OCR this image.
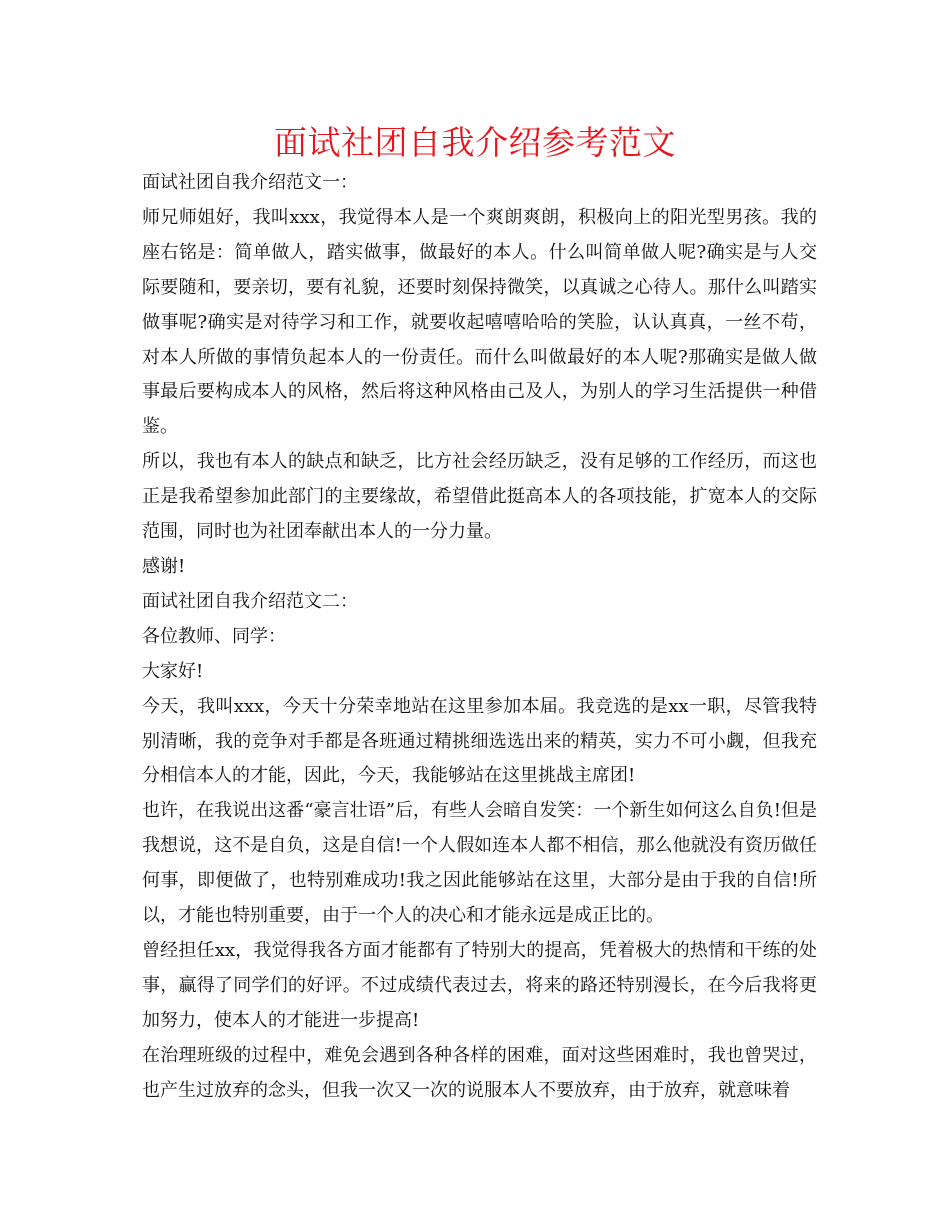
面试社团自我介绍参考范文

面试社团自我介绍范文一：

师兄师姐好，我叫xxx，我觉得本人是一个爽朗爽朗，积极向上的阳光型男孩。我的座右铭是：简单做人，踏实做事，做最好的本人。什么叫简单做人呢?确实是与人交际要随和，要亲切，要有礼貌，还要时刻保持微笑，以真诚之心待人。那什么叫踏实做事呢?确实是对待学习和工作，就要收起嘻嘻哈哈的笑脸，认认真真，一丝不苟，对本人所做的事情负起本人的一份责任。而什么叫做最好的本人呢?那确实是做人做事最后要构成本人的风格，然后将这种风格由己及人，为别人的学习生活提供一种借鉴。

所以，我也有本人的缺点和缺乏，比方社会经历缺乏，没有足够的工作经历，而这也正是我希望参加此部门的主要缘故，希望借此挺高本人的各项技能，扩宽本人的交际范围，同时也为社团奉献出本人的一分力量。

感谢!

面试社团自我介绍范文二：

各位教师、同学：

大家好!

今天，我叫xxx，今天十分荣幸地站在这里参加本届。我竞选的是xx一职，尽管我特别清晰，我的竞争对手都是各班通过精挑细选选出来的精英，实力不可小觑，但我充分相信本人的才能，因此，今天，我能够站在这里挑战主席团!

也许，在我说出这番“豪言壮语”后，有些人会暗自发笑：一个新生如何这么自负!但是我想说，这不是自负，这是自信!一个人假如连本人都不相信，那么他就没有资历做任何事，即便做了，也特别难成功!我之因此能够站在这里，大部分是由于我的自信!所以，才能也特别重要，由于一个人的决心和才能永远是成正比的。

曾经担任xx，我觉得我各方面才能都有了特别大的提高，凭着极大的热情和干练的处事，赢得了同学们的好评。不过成绩代表过去，将来的路还特别漫长，在今后我将更加努力，使本人的才能进一步提高!

在治理班级的过程中，难免会遇到各种各样的困难，面对这些困难时，我也曾哭过，也产生过放弃的念头，但我一次又一次的说服本人不要放弃，由于放弃，就意味着
